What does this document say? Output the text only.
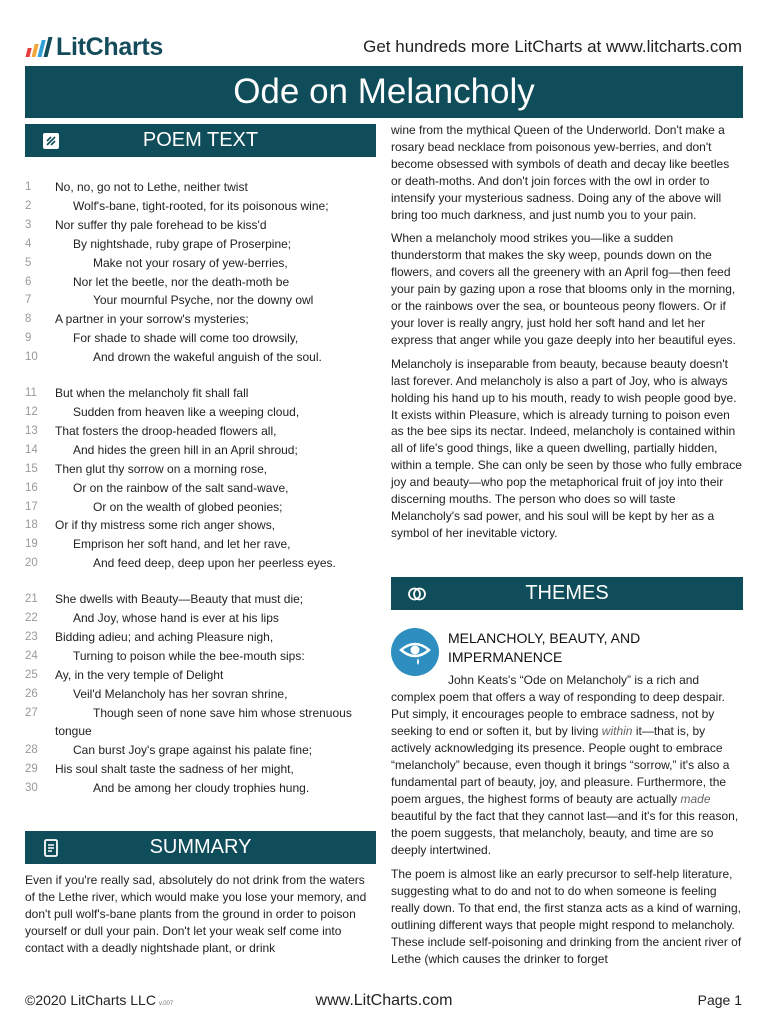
LitCharts	Get hundreds more LitCharts at www.litcharts.com
Ode on Melancholy
POEM TEXT
1	No, no, go not to Lethe, neither twist
2	Wolf's-bane, tight-rooted, for its poisonous wine;
3	Nor suffer thy pale forehead to be kiss'd
4	By nightshade, ruby grape of Proserpine;
5	Make not your rosary of yew-berries,
6	Nor let the beetle, nor the death-moth be
7	Your mournful Psyche, nor the downy owl
8	A partner in your sorrow's mysteries;
9	For shade to shade will come too drowsily,
10	And drown the wakeful anguish of the soul.
11	But when the melancholy fit shall fall
12	Sudden from heaven like a weeping cloud,
13	That fosters the droop-headed flowers all,
14	And hides the green hill in an April shroud;
15	Then glut thy sorrow on a morning rose,
16	Or on the rainbow of the salt sand-wave,
17	Or on the wealth of globed peonies;
18	Or if thy mistress some rich anger shows,
19	Emprison her soft hand, and let her rave,
20	And feed deep, deep upon her peerless eyes.
21	She dwells with Beauty—Beauty that must die;
22	And Joy, whose hand is ever at his lips
23	Bidding adieu; and aching Pleasure nigh,
24	Turning to poison while the bee-mouth sips:
25	Ay, in the very temple of Delight
26	Veil'd Melancholy has her sovran shrine,
27	Though seen of none save him whose strenuous tongue
28	Can burst Joy's grape against his palate fine;
29	His soul shalt taste the sadness of her might,
30	And be among her cloudy trophies hung.
SUMMARY
Even if you're really sad, absolutely do not drink from the waters of the Lethe river, which would make you lose your memory, and don't pull wolf's-bane plants from the ground in order to poison yourself or dull your pain. Don't let your weak self come into contact with a deadly nightshade plant, or drink

wine from the mythical Queen of the Underworld. Don't make a rosary bead necklace from poisonous yew-berries, and don't become obsessed with symbols of death and decay like beetles or death-moths. And don't join forces with the owl in order to intensify your mysterious sadness. Doing any of the above will bring too much darkness, and just numb you to your pain.

When a melancholy mood strikes you—like a sudden thunderstorm that makes the sky weep, pounds down on the flowers, and covers all the greenery with an April fog—then feed your pain by gazing upon a rose that blooms only in the morning, or the rainbows over the sea, or bounteous peony flowers. Or if your lover is really angry, just hold her soft hand and let her express that anger while you gaze deeply into her beautiful eyes.

Melancholy is inseparable from beauty, because beauty doesn't last forever. And melancholy is also a part of Joy, who is always holding his hand up to his mouth, ready to wish people good bye. It exists within Pleasure, which is already turning to poison even as the bee sips its nectar. Indeed, melancholy is contained within all of life's good things, like a queen dwelling, partially hidden, within a temple. She can only be seen by those who fully embrace joy and beauty—who pop the metaphorical fruit of joy into their discerning mouths. The person who does so will taste Melancholy's sad power, and his soul will be kept by her as a symbol of her inevitable victory.

THEMES
MELANCHOLY, BEAUTY, AND IMPERMANENCE

John Keats's “Ode on Melancholy” is a rich and complex poem that offers a way of responding to deep despair. Put simply, it encourages people to embrace sadness, not by seeking to end or soften it, but by living within it—that is, by actively acknowledging its presence. People ought to embrace “melancholy” because, even though it brings “sorrow,” it's also a fundamental part of beauty, joy, and pleasure. Furthermore, the poem argues, the highest forms of beauty are actually made beautiful by the fact that they cannot last—and it's for this reason, the poem suggests, that melancholy, beauty, and time are so deeply intertwined.

The poem is almost like an early precursor to self-help literature, suggesting what to do and not to do when someone is feeling really down. To that end, the first stanza acts as a kind of warning, outlining different ways that people might respond to melancholy. These include self-poisoning and drinking from the ancient river of Lethe (which causes the drinker to forget

©2020 LitCharts LLC v.007	www.LitCharts.com	Page 1
